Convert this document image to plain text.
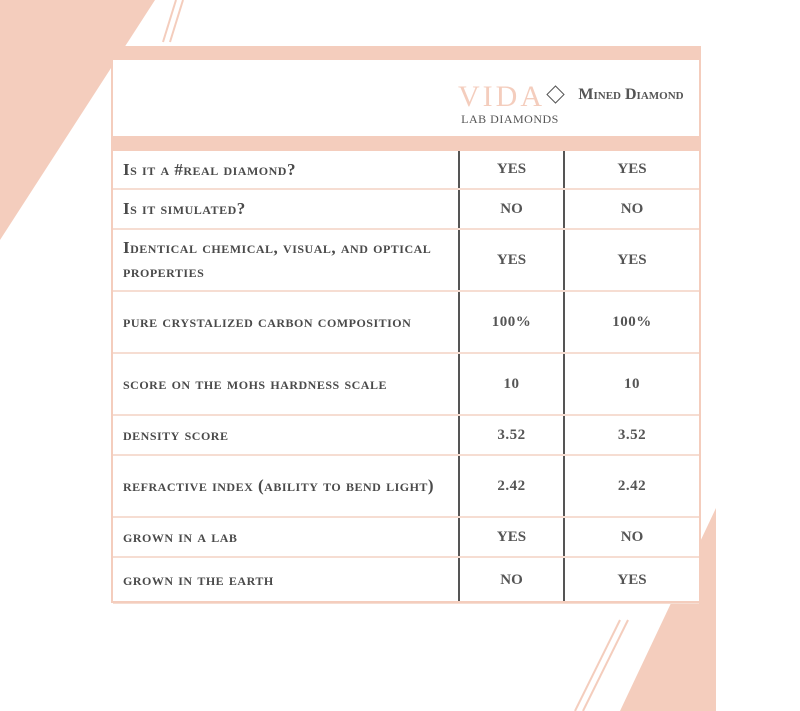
VIDA
LAB DIAMONDS
Mined Diamond
Is it a #real diamond?	YES	YES
Is it simulated?	NO	NO
Identical chemical, visual, and optical properties	YES	YES
pure crystalized carbon composition	100%	100%
score on the mohs hardness scale	10	10
density score	3.52	3.52
refractive index (ability to bend light)	2.42	2.42
grown in a lab	YES	NO
grown in the earth	NO	YES
